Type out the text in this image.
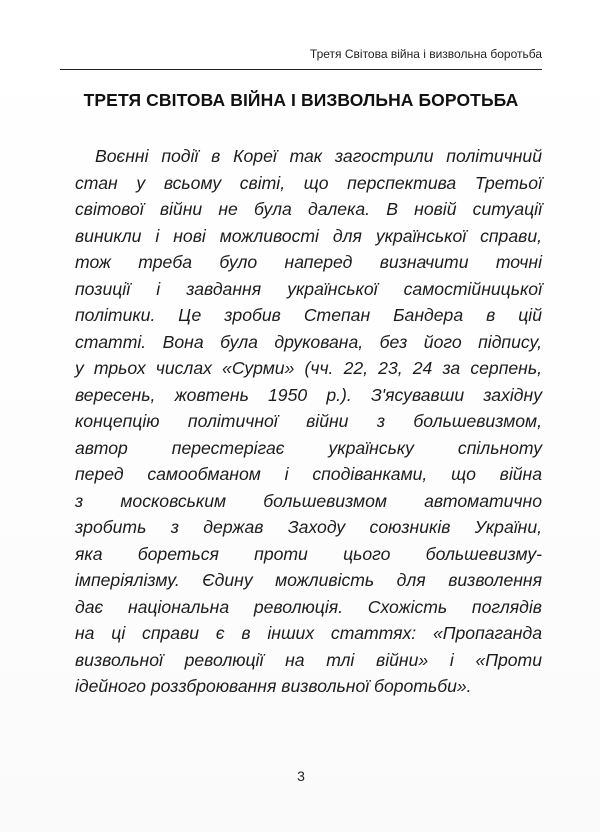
Третя Світова війна і визвольна боротьба
ТРЕТЯ СВІТОВА ВІЙНА І ВИЗВОЛЬНА БОРОТЬБА
Воєнні події в Кореї так загострили політичний
стан у всьому світі, що перспектива Третьої
світової війни не була далека. В новій ситуації
виникли і нові можливості для української справи,
тож треба було наперед визначити точні
позиції і завдання української самостійницької
політики. Це зробив Степан Бандера в цій
статті. Вона була друкована, без його підпису,
у трьох числах «Сурми» (чч. 22, 23, 24 за серпень,
вересень, жовтень 1950 р.). З'ясувавши західну
концепцію політичної війни з большевизмом,
автор перестерігає українську спільноту
перед самообманом і сподіванками, що війна
з московським большевизмом автоматично
зробить з держав Заходу союзників України,
яка бореться проти цього большевизму-
імперіялізму. Єдину можливість для визволення
дає національна революція. Схожість поглядів
на ці справи є в інших статтях: «Пропаганда
визвольної революції на тлі війни» і «Проти
ідейного роззброювання визвольної боротьби».
3
